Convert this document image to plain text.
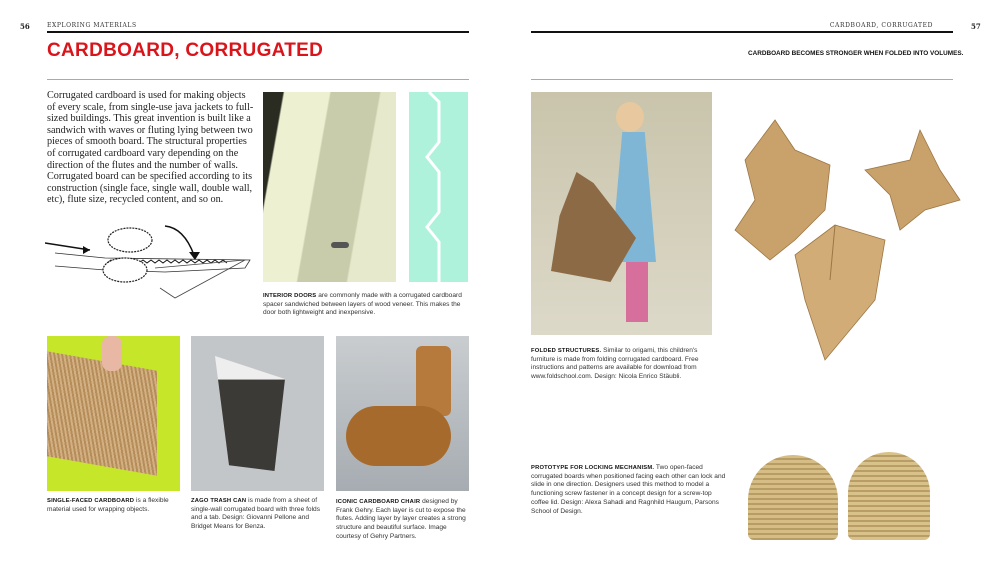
56	EXPLORING MATERIALS
CARDBOARD, CORRUGATED
Corrugated cardboard is used for making objects of every scale, from single-use java jackets to full-sized buildings. This great invention is built like a sandwich with waves or fluting lying between two pieces of smooth board. The structural properties of corrugated cardboard vary depending on the direction of the flutes and the number of walls. Corrugated board can be specified according to its construction (single face, single wall, double wall, etc), flute size, recycled content, and so on.
INTERIOR DOORS are commonly made with a corrugated cardboard spacer sandwiched between layers of wood veneer. This makes the door both lightweight and inexpensive.
SINGLE-FACED CARDBOARD is a flexible material used for wrapping objects.
ZAGO TRASH CAN is made from a sheet of single-wall corrugated board with three folds and a tab. Design: Giovanni Pellone and Bridget Means for Benza.
ICONIC CARDBOARD CHAIR designed by Frank Gehry. Each layer is cut to expose the flutes. Adding layer by layer creates a strong structure and beautiful surface. Image courtesy of Gehry Partners.
CARDBOARD, CORRUGATED	57
CARDBOARD BECOMES STRONGER WHEN FOLDED INTO VOLUMES.
FOLDED STRUCTURES. Similar to origami, this children's furniture is made from folding corrugated cardboard. Free instructions and patterns are available for download from www.foldschool.com. Design: Nicola Enrico Stäubli.
PROTOTYPE FOR LOCKING MECHANISM. Two open-faced corrugated boards when positioned facing each other can lock and slide in one direction. Designers used this method to model a functioning screw fastener in a concept design for a screw-top coffee lid. Design: Alexa Sahadi and Ragnhild Haugum, Parsons School of Design.
